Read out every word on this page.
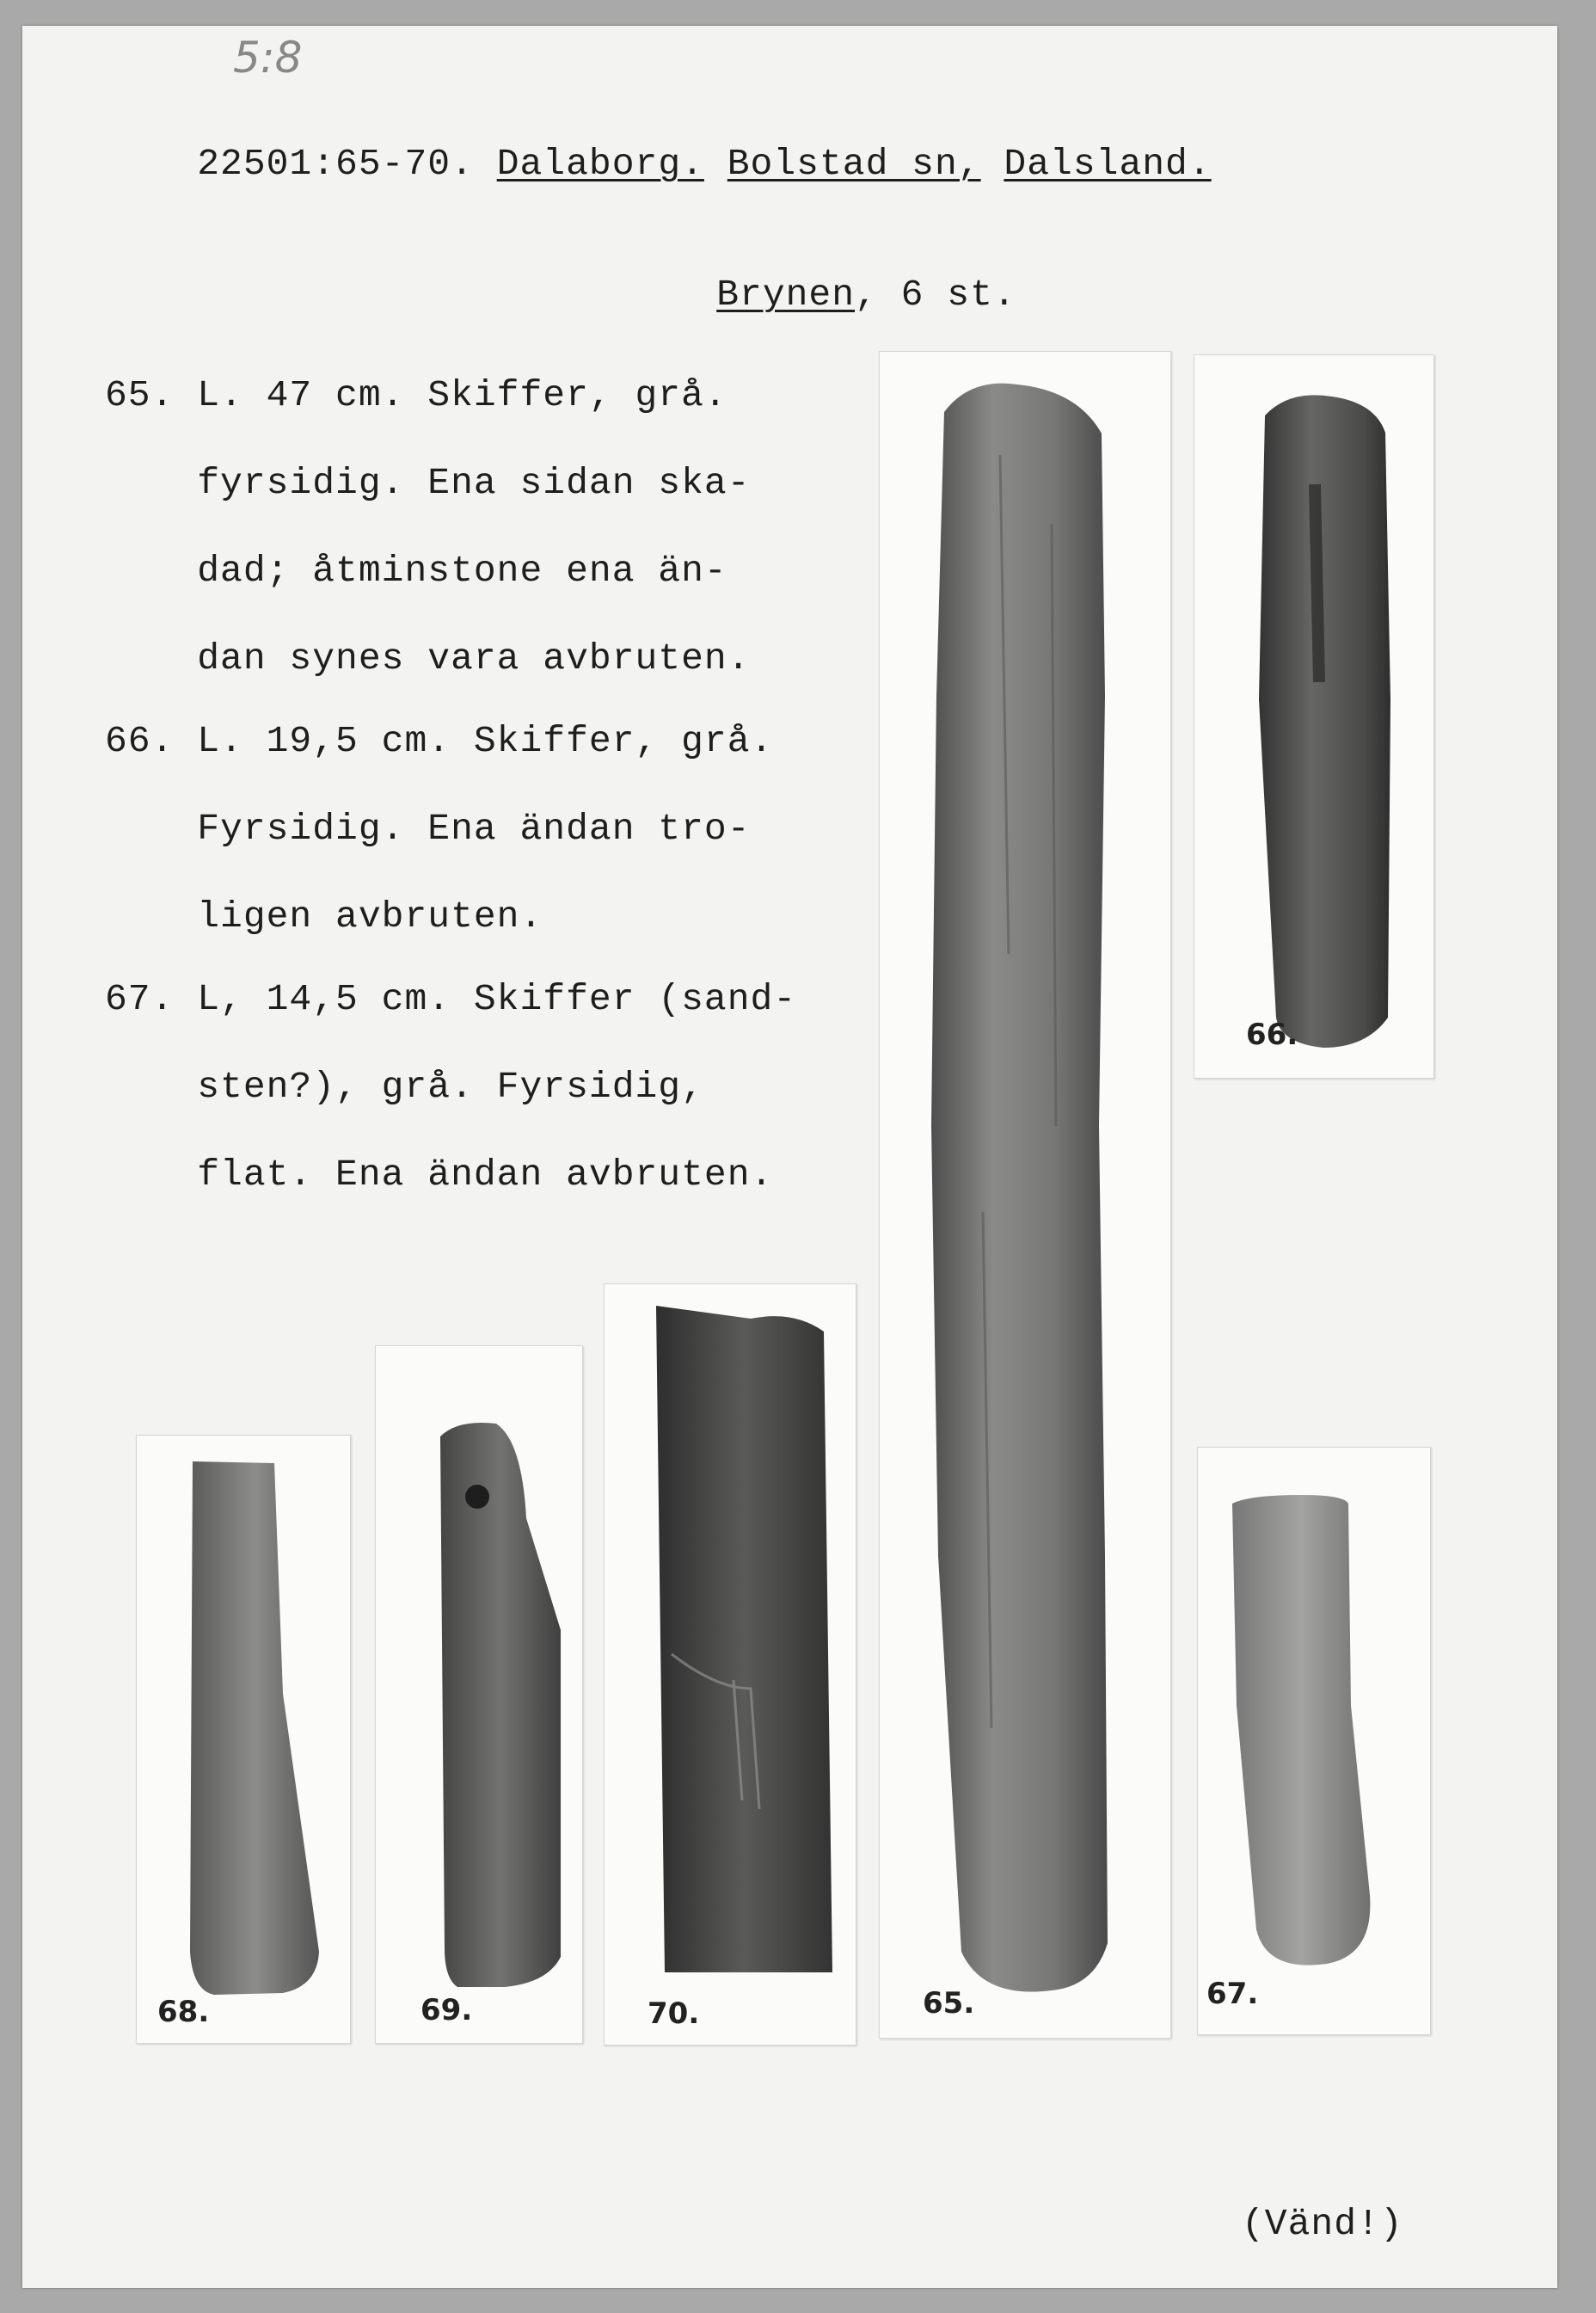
5:8

22501:65-70. Dalaborg. Bolstad sn, Dalsland.

Brynen, 6 st.

65. L. 47 cm. Skiffer, grå.
fyrsidig. Ena sidan ska-
dad; åtminstone ena än-
dan synes vara avbruten.
66. L. 19,5 cm. Skiffer, grå.
Fyrsidig. Ena ändan tro-
ligen avbruten.
67. L, 14,5 cm. Skiffer (sand-
sten?), grå. Fyrsidig,
flat. Ena ändan avbruten.
65.
66.
67.
68.	69.	70.
(Vänd!)
